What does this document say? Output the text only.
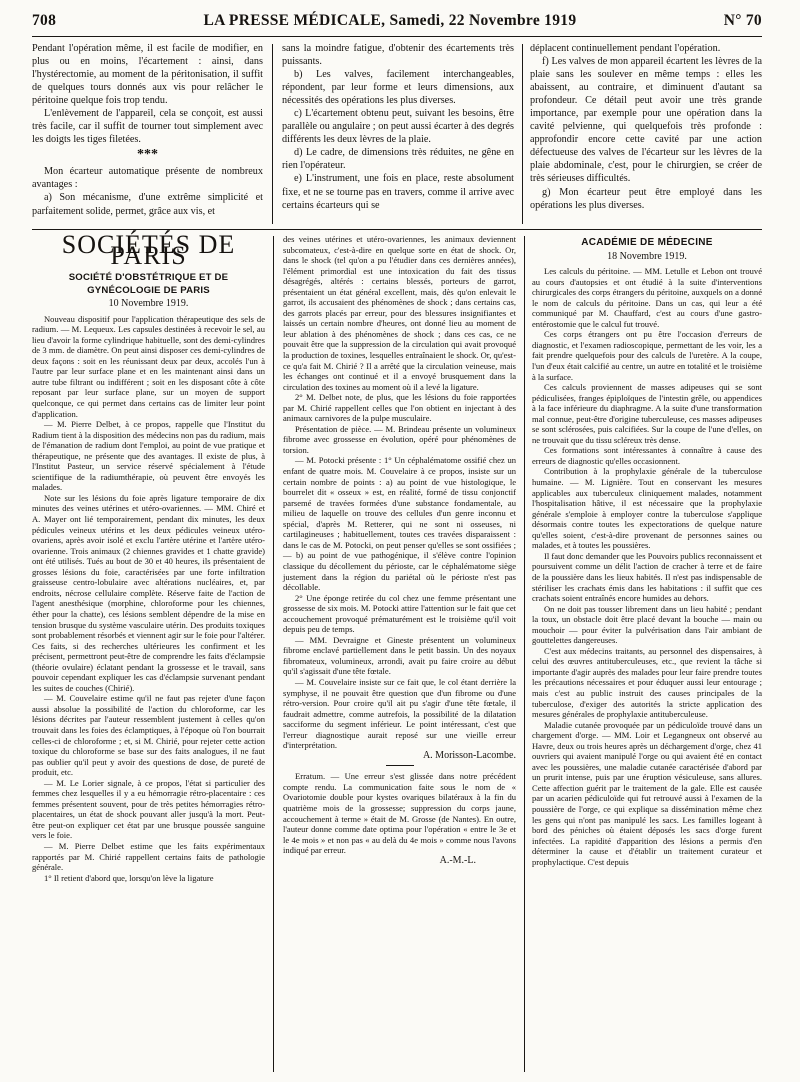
708	LA PRESSE MÉDICALE, Samedi, 22 Novembre 1919	N° 70

Pendant l'opération même, il est facile de modifier, en plus ou en moins, l'écartement : ainsi, dans l'hystérectomie, au moment de la péritonisation, il suffit de quelques tours donnés aux vis pour relâcher le péritoine quelque fois trop tendu.

L'enlèvement de l'appareil, cela se conçoit, est aussi très facile, car il suffit de tourner tout simplement avec les doigts les tiges filetées.

***

Mon écarteur automatique présente de nombreux avantages :

a) Son mécanisme, d'une extrême simplicité et parfaitement solide, permet, grâce aux vis, et

sans la moindre fatigue, d'obtenir des écartements très puissants.

b) Les valves, facilement interchangeables, répondent, par leur forme et leurs dimensions, aux nécessités des opérations les plus diverses.

c) L'écartement obtenu peut, suivant les besoins, être parallèle ou angulaire ; on peut aussi écarter à des degrés différents les deux lèvres de la plaie.

d) Le cadre, de dimensions très réduites, ne gêne en rien l'opérateur.

e) L'instrument, une fois en place, reste absolument fixe, et ne se tourne pas en travers, comme il arrive avec certains écarteurs qui se

déplacent continuellement pendant l'opération.

f) Les valves de mon appareil écartent les lèvres de la plaie sans les soulever en même temps : elles les abaissent, au contraire, et diminuent d'autant sa profondeur. Ce détail peut avoir une très grande importance, par exemple pour une opération dans la cavité pelvienne, qui quelquefois très profonde : approfondir encore cette cavité par une action défectueuse des valves de l'écarteur sur les lèvres de la plaie abdominale, c'est, pour le chirurgien, se créer de très sérieuses difficultés.

g) Mon écarteur peut être employé dans les opérations les plus diverses.

SOCIÉTÉS DE PARIS
SOCIÉTÉ D'OBSTÉTRIQUE ET DE GYNÉCOLOGIE DE PARIS
10 Novembre 1919.

Nouveau dispositif pour l'application thérapeutique des sels de radium. — M. Lequeux. Les capsules destinées à recevoir le sel, au lieu d'avoir la forme cylindrique habituelle, sont des demi-cylindres de 3 mm. de diamètre. On peut ainsi disposer ces demi-cylindres de deux façons : soit en les réunissant deux par deux, accolés l'un à l'autre par leur surface plane et en les maintenant ainsi dans un autre tube filtrant ou indifférent ; soit en les disposant côte à côte reposant par leur surface plane, sur un moyen de support quelconque, ce qui permet dans certains cas de limiter leur point d'application.

— M. Pierre Delbet, à ce propos, rappelle que l'Institut du Radium tient à la disposition des médecins non pas du radium, mais de l'émanation de radium dont l'emploi, au point de vue pratique et thérapeutique, ne présente que des avantages. Il existe de plus, à l'Institut Pasteur, un service réservé spécialement à l'étude scientifique de la radiumthérapie, où peuvent être envoyés les malades.

Note sur les lésions du foie après ligature temporaire de dix minutes des veines utérines et utéro-ovariennes. — MM. Chiré et A. Mayer ont lié temporairement, pendant dix minutes, les deux pédicules veineux utérins et les deux pédicules veineux utéro-ovariens, après avoir isolé et exclu l'artère utérine et l'artère utéro-ovarienne. Trois animaux (2 chiennes gravides et 1 chatte gravide) ont été utilisés. Tués au bout de 30 et 40 heures, ils présentaient de grosses lésions du foie, caractérisées par une forte infiltration graisseuse centro-lobulaire avec altérations nucléaires, et, par endroits, nécrose cellulaire complète. Réserve faite de l'action de l'agent anesthésique (morphine, chloroforme pour les chiennes, éther pour la chatte), ces lésions semblent dépendre de la mise en tension brusque du système vasculaire utérin. Des produits toxiques sont probablement résorbés et viennent agir sur le foie pour l'altérer. Ces faits, si des recherches ultérieures les confirment et les précisent, permettront peut-être de comprendre les faits d'éclampsie (théorie ovulaire) éclatant pendant la grossesse et le travail, sans pouvoir cependant expliquer les cas d'éclampsie survenant pendant les suites de couches (Chirié).

— M. Couvelaire estime qu'il ne faut pas rejeter d'une façon aussi absolue la possibilité de l'action du chloroforme, car les lésions décrites par l'auteur ressemblent justement à celles qu'on trouvait dans les foies des éclamptiques, à l'époque où l'on bourrait celles-ci de chloroforme ; et, si M. Chirié, pour rejeter cette action toxique du chloroforme se base sur des faits analogues, il ne faut pas oublier qu'il peut y avoir des questions de dose, de pureté de produit, etc.

— M. Le Lorier signale, à ce propos, l'état si particulier des femmes chez lesquelles il y a eu hémorragie rétro-placentaire : ces femmes présentent souvent, pour de très petites hémorragies rétro-placentaires, un état de shock pouvant aller jusqu'à la mort. Peut-être peut-on expliquer cet état par une brusque poussée sanguine vers le foie.

— M. Pierre Delbet estime que les faits expérimentaux rapportés par M. Chirié rappellent certains faits de pathologie générale.

1° Il retient d'abord que, lorsqu'on lève la ligature

des veines utérines et utéro-ovariennes, les animaux deviennent subcomateux, c'est-à-dire en quelque sorte en état de shock. Or, dans le shock (tel qu'on a pu l'étudier dans ces dernières années), l'élément primordial est une intoxication du fait des tissus désagrégés, altérés : certains blessés, porteurs de garrot, présentaient un état général excellent, mais, dès qu'on enlevait le garrot, ils accusaient des phénomènes de shock ; dans certains cas, des garrots placés par erreur, pour des blessures insignifiantes et laissés un certain nombre d'heures, ont donné lieu au moment de leur ablation à des phénomènes de shock ; dans ces cas, ce ne pouvait être que la suppression de la circulation qui avait provoqué la production de toxines, lesquelles entraînaient le shock. Or, qu'est-ce qu'a fait M. Chirié ? Il a arrêté que la circulation veineuse, mais les échanges ont continué et il a envoyé brusquement dans la circulation des toxines au moment où il a levé la ligature.

2° M. Delbet note, de plus, que les lésions du foie rapportées par M. Chirié rappellent celles que l'on obtient en injectant à des animaux carnivores de la pulpe musculaire.

Présentation de pièce. — M. Brindeau présente un volumineux fibrome avec grossesse en évolution, opéré pour phénomènes de torsion.

— M. Potocki présente : 1° Un céphalématome ossifié chez un enfant de quatre mois. M. Couvelaire à ce propos, insiste sur un certain nombre de points : a) au point de vue histologique, le bourrelet dit « osseux » est, en réalité, formé de tissu conjonctif parsemé de travées formées d'une substance fondamentale, au milieu de laquelle on trouve des cellules d'un genre inconnu et spécial, d'après M. Retterer, qui ne sont ni osseuses, ni cartilagineuses ; habituellement, toutes ces travées disparaissent : dans le cas de M. Potocki, on peut penser qu'elles se sont ossifiées ; — b) au point de vue pathogénique, il s'élève contre l'opinion classique du décollement du périoste, car le céphalématome siège justement dans la région du pariétal où le périoste n'est pas décollable.

2° Une éponge retirée du col chez une femme présentant une grossesse de six mois. M. Potocki attire l'attention sur le fait que cet accouchement provoqué prématurément est le troisième qu'il voit depuis peu de temps.

— MM. Devraigne et Gineste présentent un volumineux fibrome enclavé partiellement dans le petit bassin. Un des noyaux fibromateux, volumineux, arrondi, avait pu faire croire au début qu'il s'agissait d'une tête fœtale.

— M. Couvelaire insiste sur ce fait que, le col étant derrière la symphyse, il ne pouvait être question que d'un fibrome ou d'une rétro-version. Pour croire qu'il ait pu s'agir d'une tête fœtale, il faudrait admettre, comme autrefois, la possibilité de la dilatation sacciforme du segment inférieur. Le point intéressant, c'est que l'erreur diagnostique aurait reposé sur une vieille erreur d'interprétation.

A. Morisson-Lacombe.

Erratum. — Une erreur s'est glissée dans notre précédent compte rendu. La communication faite sous le nom de « Ovariotomie double pour kystes ovariques bilatéraux à la fin du quatrième mois de la grossesse; suppression du corps jaune, accouchement à terme » était de M. Grosse (de Nantes). En outre, l'auteur donne comme date optima pour l'opération « entre le 3e et le 4e mois » et non pas « au delà du 4e mois » comme nous l'avons indiqué par erreur.

A.-M.-L.
ACADÉMIE DE MÉDECINE
18 Novembre 1919.

Les calculs du péritoine. — MM. Letulle et Lebon ont trouvé au cours d'autopsies et ont étudié à la suite d'interventions chirurgicales des corps étrangers du péritoine, auxquels on a donné le nom de calculs du péritoine. Dans un cas, qui leur a été communiqué par M. Chauffard, c'est au cours d'une gastro-entérostomie que le calcul fut trouvé.

Ces corps étrangers ont pu être l'occasion d'erreurs de diagnostic, et l'examen radioscopique, permettant de les voir, les a fait prendre quelquefois pour des calculs de l'uretère. A la coupe, l'un d'eux était calcifié au centre, un autre en totalité et le troisième à la surface.

Ces calculs proviennent de masses adipeuses qui se sont pédiculisées, franges épiploïques de l'intestin grêle, ou appendices à la face inférieure du diaphragme. A la suite d'une transformation mal connue, peut-être d'origine tuberculeuse, ces masses adipeuses se sont sclérosées, puis calcifiées. Sur la coupe de l'une d'elles, on ne trouvait que du tissu scléreux très dense.

Ces formations sont intéressantes à connaître à cause des erreurs de diagnostic qu'elles occasionnent.

Contribution à la prophylaxie générale de la tuberculose humaine. — M. Lignière. Tout en conservant les mesures applicables aux tuberculeux cliniquement malades, notamment l'hospitalisation hâtive, il est nécessaire que la prophylaxie générale s'emploie à employer contre la tuberculose s'applique désormais contre toutes les expectorations de quelque nature qu'elles soient, c'est-à-dire provenant de personnes saines ou malades, et à toutes les poussières.

Il faut donc demander que les Pouvoirs publics reconnaissent et poursuivent comme un délit l'action de cracher à terre et de faire de la poussière dans les lieux habités. Il n'est pas indispensable de stériliser les crachats émis dans les habitations : il suffit que ces crachats soient entraînés encore humides au dehors.

On ne doit pas tousser librement dans un lieu habité ; pendant la toux, un obstacle doit être placé devant la bouche — main ou mouchoir — pour éviter la pulvérisation dans l'air ambiant de gouttelettes dangereuses.

C'est aux médecins traitants, au personnel des dispensaires, à celui des œuvres antituberculeuses, etc., que revient la tâche si importante d'agir auprès des malades pour leur faire prendre toutes les précautions nécessaires et pour éduquer aussi leur entourage ; mais c'est au public instruit des causes principales de la tuberculose, d'exiger des autorités la stricte application des mesures générales de prophylaxie antituberculeuse.

Maladie cutanée provoquée par un pédiculoïde trouvé dans un chargement d'orge. — MM. Loir et Legangneux ont observé au Havre, deux ou trois heures après un déchargement d'orge, chez 41 ouvriers qui avaient manipulé l'orge ou qui avaient été en contact avec les poussières, une maladie cutanée caractérisée d'abord par un prurit intense, puis par une éruption vésiculeuse, sans allures. Cette affection guérit par le traitement de la gale. Elle est causée par un acarien pédiculoïde qui fut retrouvé aussi à l'examen de la poussière de l'orge, ce qui explique sa dissémination même chez les gens qui n'ont pas manipulé les sacs. Les familles logeant à bord des péniches où étaient déposés les sacs d'orge furent infectées. La rapidité d'apparition des lésions a permis d'en déterminer la cause et d'établir un traitement curateur et prophylactique. C'est depuis
